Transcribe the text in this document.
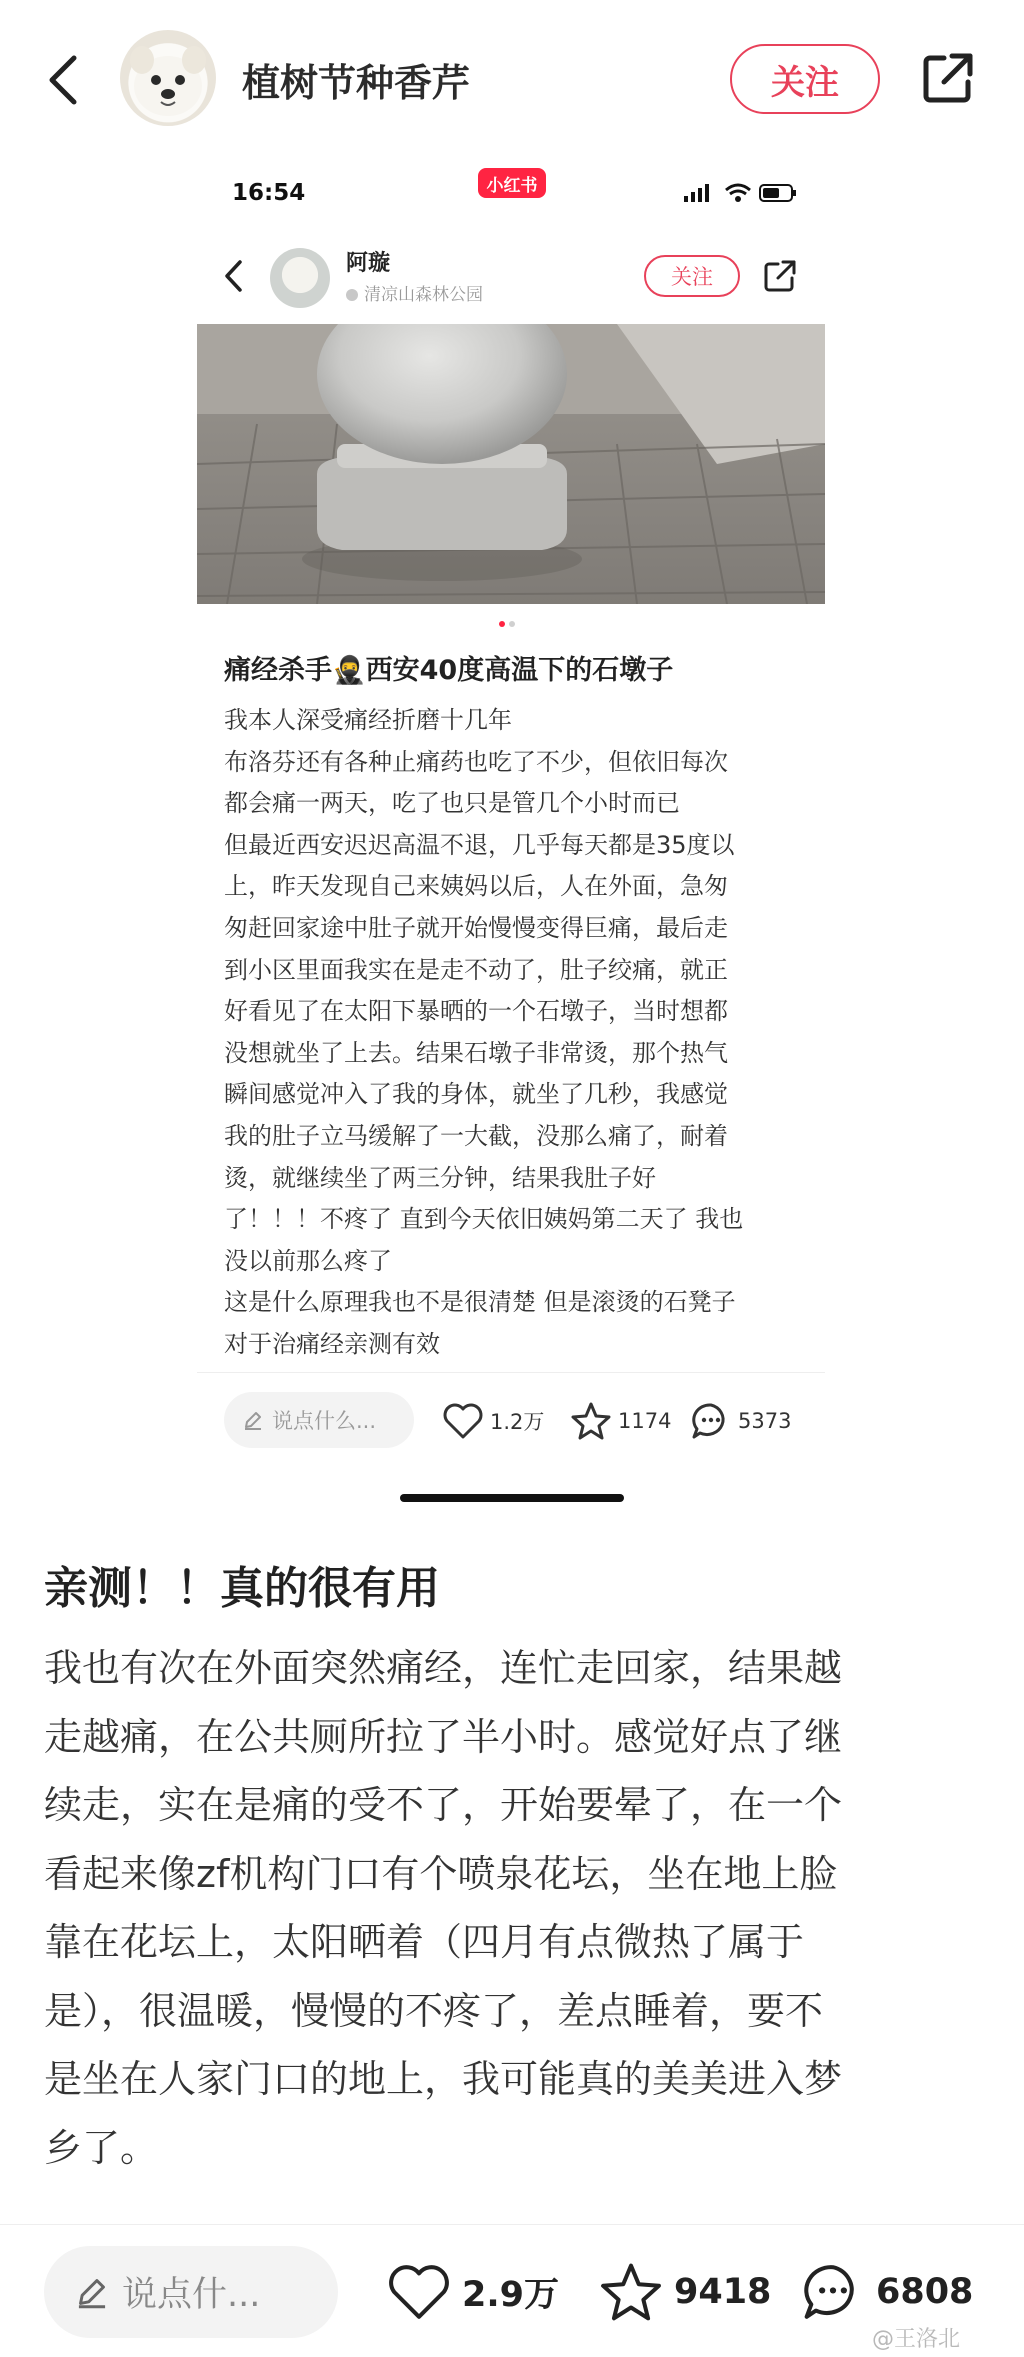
植树节种香芹	关注
16:54	小红书
阿璇
清凉山森林公园
关注
痛经杀手🥷西安40度高温下的石墩子
我本人深受痛经折磨十几年
布洛芬还有各种止痛药也吃了不少，但依旧每次
都会痛一两天，吃了也只是管几个小时而已
但最近西安迟迟高温不退，几乎每天都是35度以
上，昨天发现自己来姨妈以后，人在外面，急匆
匆赶回家途中肚子就开始慢慢变得巨痛，最后走
到小区里面我实在是走不动了，肚子绞痛，就正
好看见了在太阳下暴晒的一个石墩子，当时想都
没想就坐了上去。结果石墩子非常烫，那个热气
瞬间感觉冲入了我的身体，就坐了几秒，我感觉
我的肚子立马缓解了一大截，没那么痛了，耐着
烫，就继续坐了两三分钟，结果我肚子好
了！！！不疼了 直到今天依旧姨妈第二天了 我也
没以前那么疼了
这是什么原理我也不是很清楚 但是滚烫的石凳子
对于治痛经亲测有效
说点什么...	1.2万	1174	5373
亲测！！真的很有用
我也有次在外面突然痛经，连忙走回家，结果越
走越痛，在公共厕所拉了半小时。感觉好点了继
续走，实在是痛的受不了，开始要晕了，在一个
看起来像zf机构门口有个喷泉花坛，坐在地上脸
靠在花坛上，太阳晒着（四月有点微热了属于
是），很温暖，慢慢的不疼了，差点睡着，要不
是坐在人家门口的地上，我可能真的美美进入梦
乡了。
说点什...	2.9万	9418	6808
@王洛北
